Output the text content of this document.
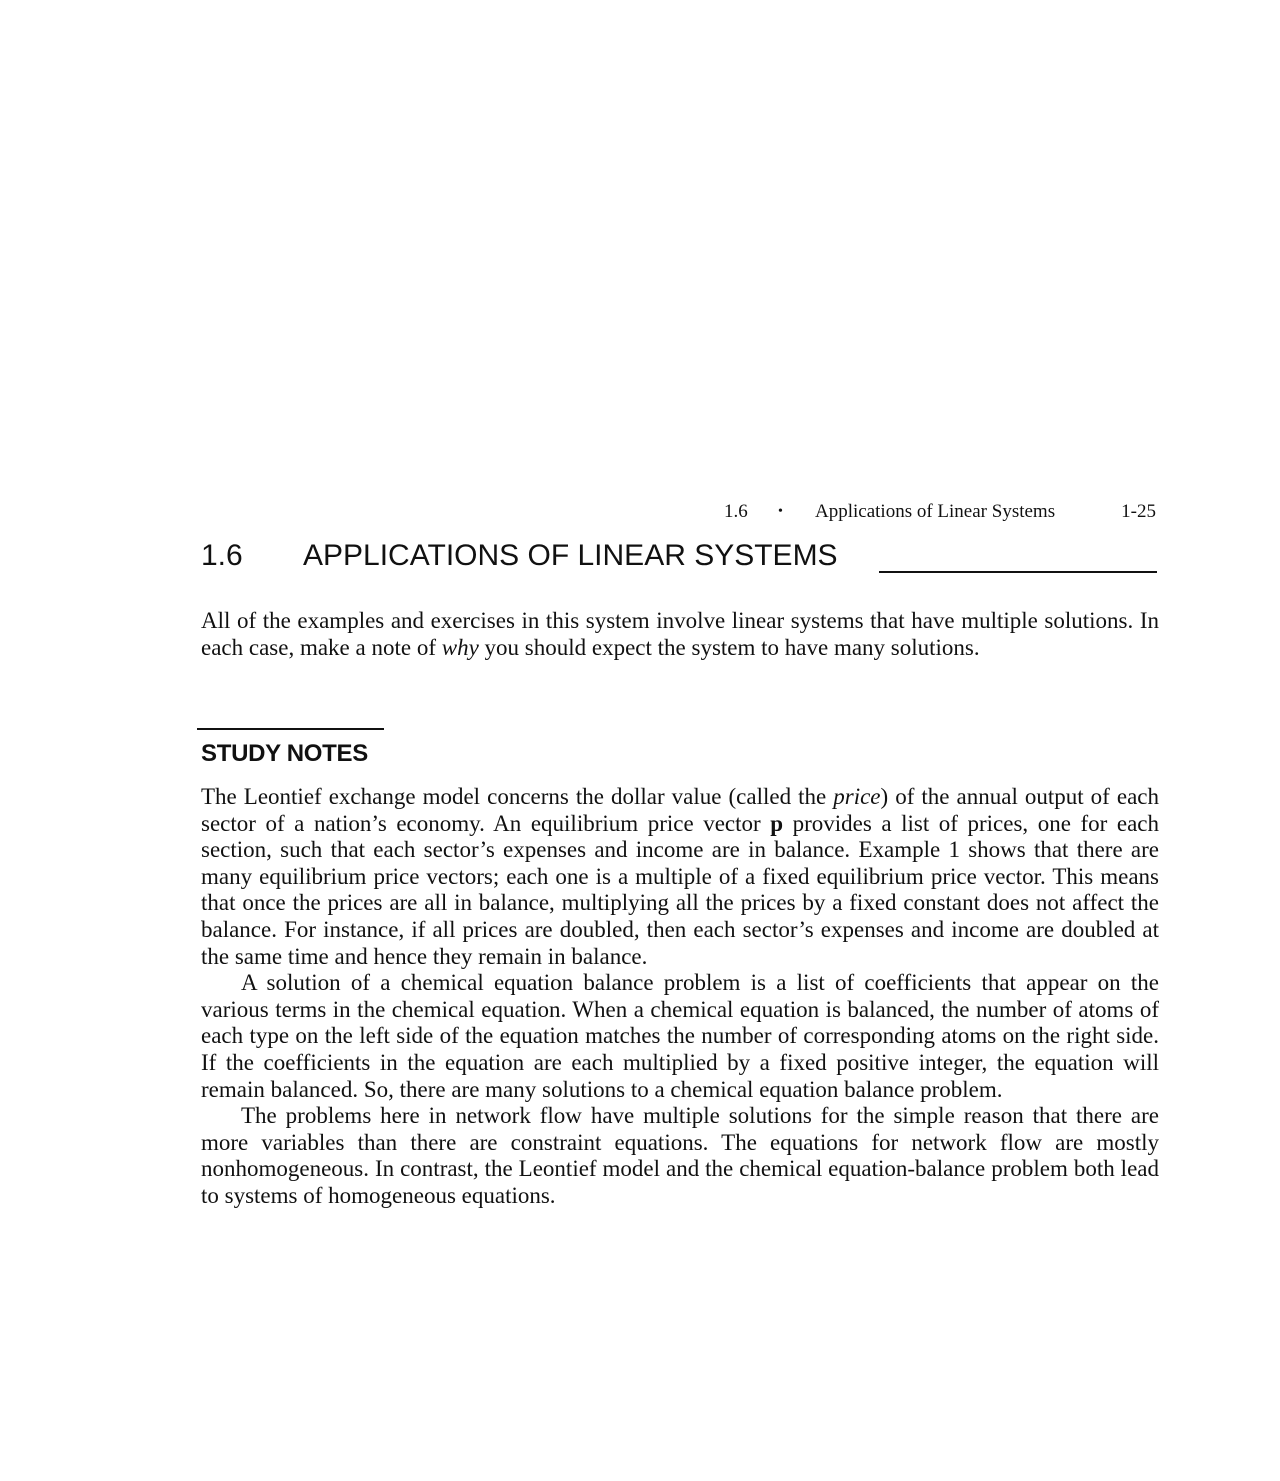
1.6 • Applications of Linear Systems	1-25
1.6 APPLICATIONS OF LINEAR SYSTEMS
All of the examples and exercises in this system involve linear systems that have multiple solutions. In each case, make a note of why you should expect the system to have many solutions.
STUDY NOTES

The Leontief exchange model concerns the dollar value (called the price) of the annual output of each sector of a nation’s economy. An equilibrium price vector p provides a list of prices, one for each section, such that each sector’s expenses and income are in balance. Example 1 shows that there are many equilibrium price vectors; each one is a multiple of a fixed equilibrium price vector. This means that once the prices are all in balance, multiplying all the prices by a fixed constant does not affect the balance. For instance, if all prices are doubled, then each sector’s expenses and income are doubled at the same time and hence they remain in balance.

A solution of a chemical equation balance problem is a list of coefficients that appear on the various terms in the chemical equation. When a chemical equation is balanced, the number of atoms of each type on the left side of the equation matches the number of corresponding atoms on the right side. If the coefficients in the equation are each multiplied by a fixed positive integer, the equation will remain balanced. So, there are many solutions to a chemical equation balance problem.

The problems here in network flow have multiple solutions for the simple reason that there are more variables than there are constraint equations. The equations for network flow are mostly nonhomogeneous. In contrast, the Leontief model and the chemical equation-balance problem both lead to systems of homogeneous equations.
